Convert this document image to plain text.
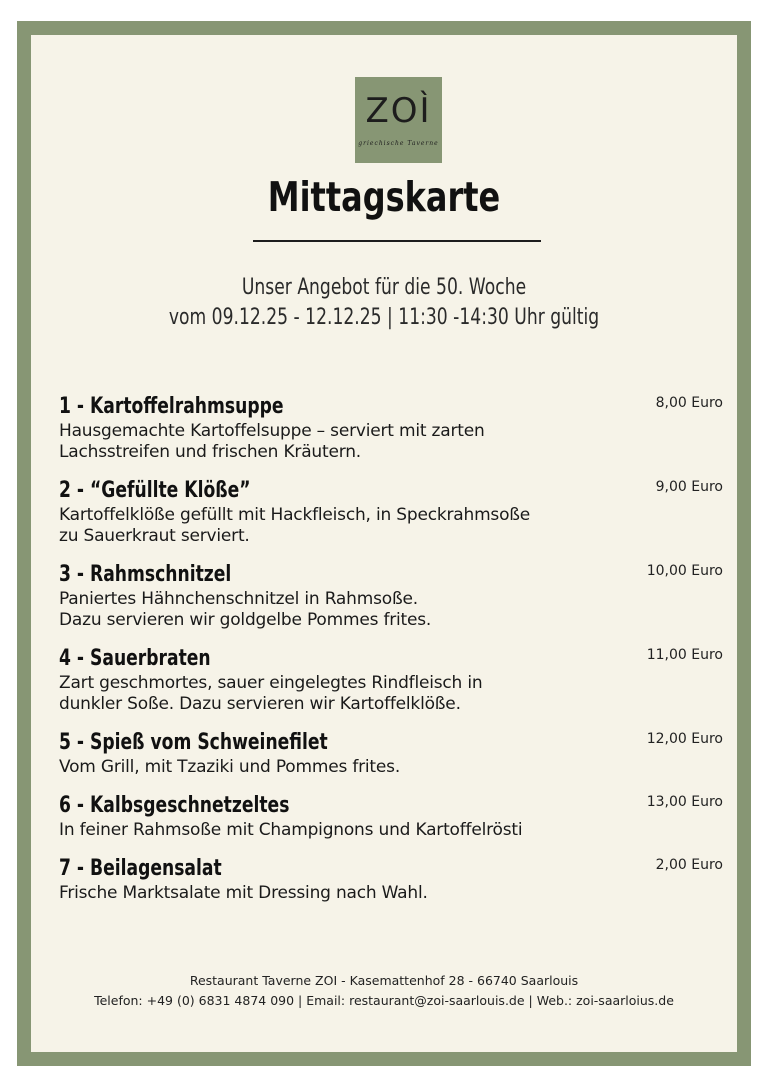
ZOÌ
griechische Taverne
Mittagskarte
Unser Angebot für die 50. Woche
vom 09.12.25 - 12.12.25 | 11:30 -14:30 Uhr gültig
1 - Kartoffelrahmsuppe	8,00 Euro
Hausgemachte Kartoffelsuppe – serviert mit zarten
Lachsstreifen und frischen Kräutern.
2 - “Gefüllte Klöße”	9,00 Euro
Kartoffelklöße gefüllt mit Hackfleisch, in Speckrahmsoße
zu Sauerkraut serviert.
3 - Rahmschnitzel	10,00 Euro
Paniertes Hähnchenschnitzel in Rahmsoße.
Dazu servieren wir goldgelbe Pommes frites.
4 - Sauerbraten	11,00 Euro
Zart geschmortes, sauer eingelegtes Rindfleisch in
dunkler Soße. Dazu servieren wir Kartoffelklöße.
5 - Spieß vom Schweinefilet	12,00 Euro
Vom Grill, mit Tzaziki und Pommes frites.
6 - Kalbsgeschnetzeltes	13,00 Euro
In feiner Rahmsoße mit Champignons und Kartoffelrösti
7 - Beilagensalat	2,00 Euro
Frische Marktsalate mit Dressing nach Wahl.
Restaurant Taverne ZOI - Kasemattenhof 28 - 66740 Saarlouis
Telefon: +49 (0) 6831 4874 090 | Email: restaurant@zoi-saarlouis.de | Web.: zoi-saarloius.de
